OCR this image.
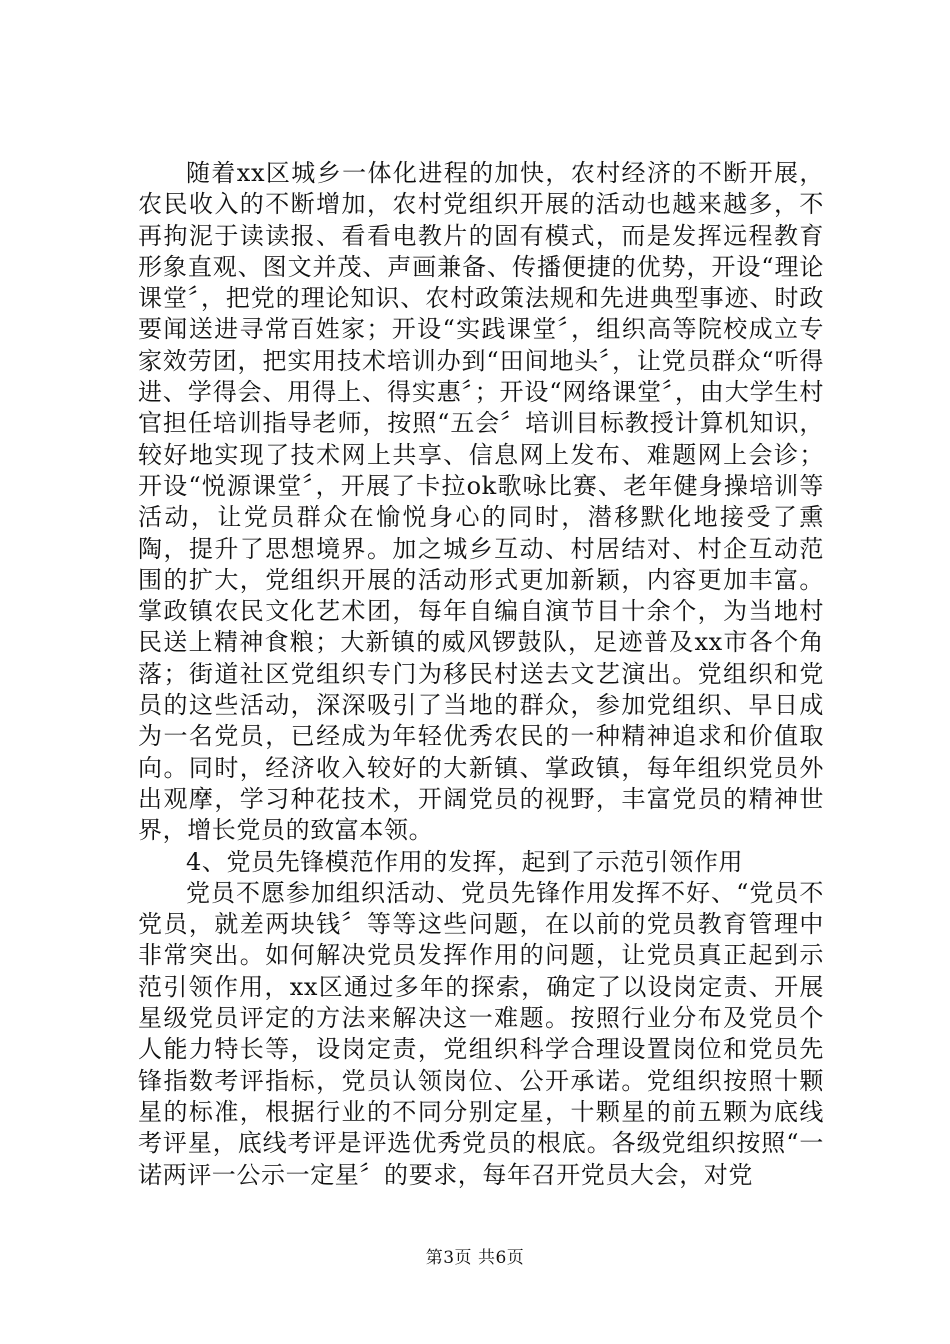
随着xx区城乡一体化进程的加快，农村经济的不断开展，农民收入的不断增加，农村党组织开展的活动也越来越多，不再拘泥于读读报、看看电教片的固有模式，而是发挥远程教育形象直观、图文并茂、声画兼备、传播便捷的优势，开设“理论课堂〞，把党的理论知识、农村政策法规和先进典型事迹、时政要闻送进寻常百姓家；开设“实践课堂〞，组织高等院校成立专家效劳团，把实用技术培训办到“田间地头〞，让党员群众“听得进、学得会、用得上、得实惠〞；开设“网络课堂〞，由大学生村官担任培训指导老师，按照“五会〞培训目标教授计算机知识，较好地实现了技术网上共享、信息网上发布、难题网上会诊；开设“悦源课堂〞，开展了卡拉ok歌咏比赛、老年健身操培训等活动，让党员群众在愉悦身心的同时，潜移默化地接受了熏陶，提升了思想境界。加之城乡互动、村居结对、村企互动范围的扩大，党组织开展的活动形式更加新颖，内容更加丰富。掌政镇农民文化艺术团，每年自编自演节目十余个，为当地村民送上精神食粮；大新镇的威风锣鼓队，足迹普及xx市各个角落；街道社区党组织专门为移民村送去文艺演出。党组织和党员的这些活动，深深吸引了当地的群众，参加党组织、早日成为一名党员，已经成为年轻优秀农民的一种精神追求和价值取向。同时，经济收入较好的大新镇、掌政镇，每年组织党员外出观摩，学习种花技术，开阔党员的视野，丰富党员的精神世界，增长党员的致富本领。

4、党员先锋模范作用的发挥，起到了示范引领作用

党员不愿参加组织活动、党员先锋作用发挥不好、“党员不党员，就差两块钱〞等等这些问题，在以前的党员教育管理中非常突出。如何解决党员发挥作用的问题，让党员真正起到示范引领作用，xx区通过多年的探索，确定了以设岗定责、开展星级党员评定的方法来解决这一难题。按照行业分布及党员个人能力特长等，设岗定责，党组织科学合理设置岗位和党员先锋指数考评指标，党员认领岗位、公开承诺。党组织按照十颗星的标准，根据行业的不同分别定星，十颗星的前五颗为底线考评星，底线考评是评选优秀党员的根底。各级党组织按照“一诺两评一公示一定星〞的要求，每年召开党员大会，对党

第3页 共6页
